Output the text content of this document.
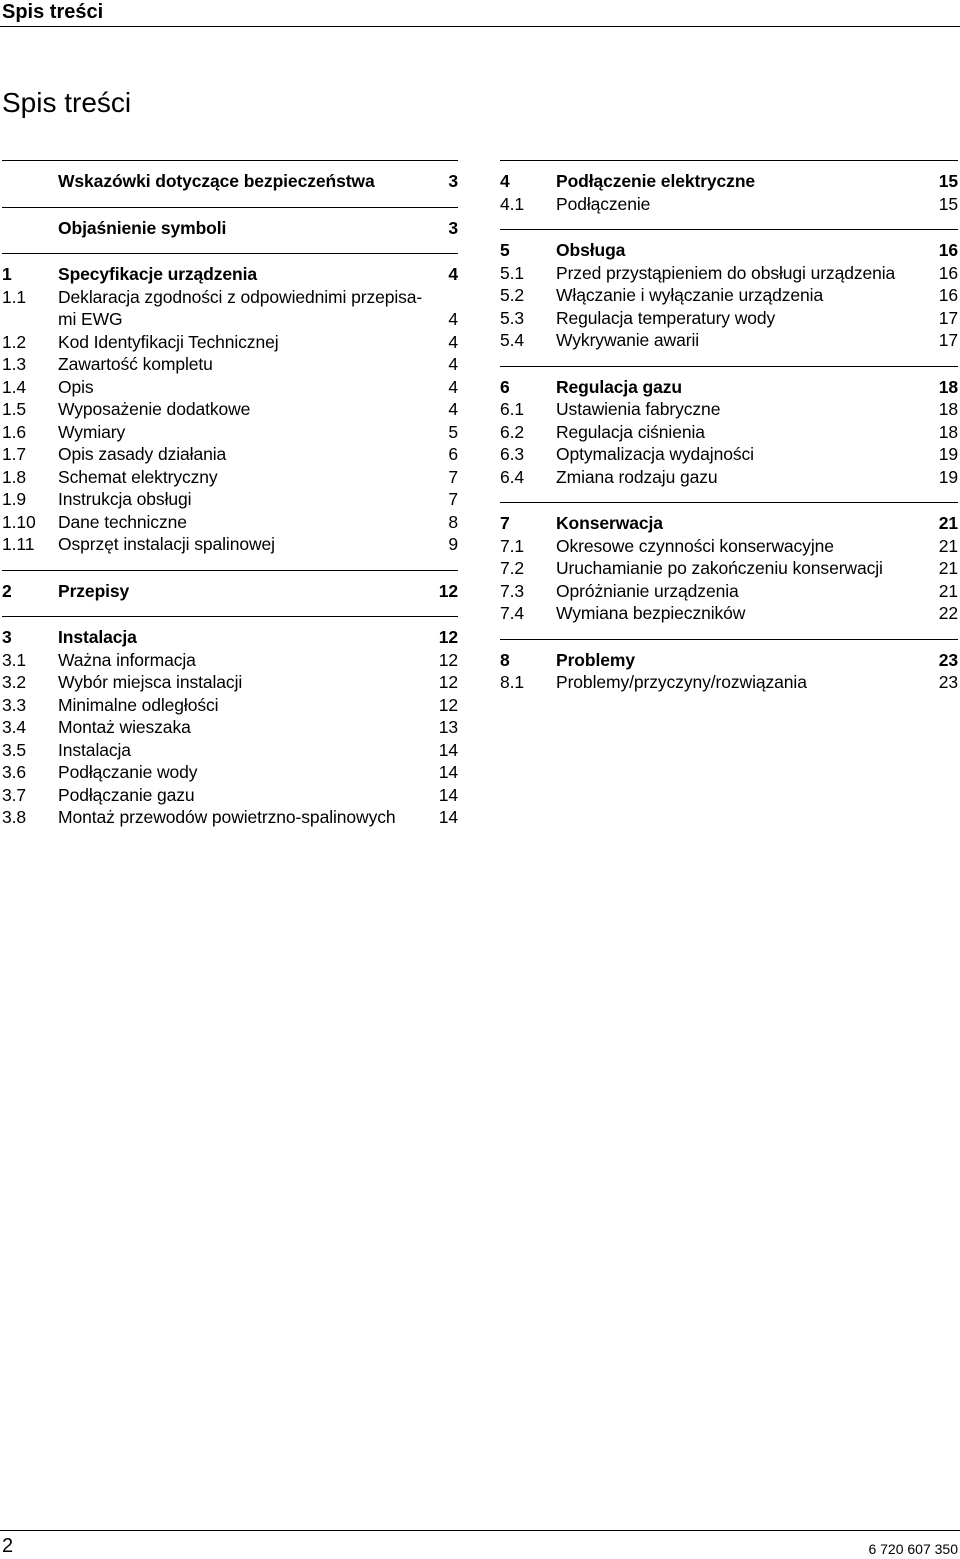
Spis treści
Spis treści
Wskazówki dotyczące bezpieczeństwa	3
Objaśnienie symboli	3
1	Specyfikacje urządzenia	4
1.1	Deklaracja zgodności z odpowiednimi przepisa-
mi EWG	4
1.2	Kod Identyfikacji Technicznej	4
1.3	Zawartość kompletu	4
1.4	Opis	4
1.5	Wyposażenie dodatkowe	4
1.6	Wymiary	5
1.7	Opis zasady działania	6
1.8	Schemat elektryczny	7
1.9	Instrukcja obsługi	7
1.10	Dane techniczne	8
1.11	Osprzęt instalacji spalinowej	9
2	Przepisy	12
3	Instalacja	12
3.1	Ważna informacja	12
3.2	Wybór miejsca instalacji	12
3.3	Minimalne odległości	12
3.4	Montaż wieszaka	13
3.5	Instalacja	14
3.6	Podłączanie wody	14
3.7	Podłączanie gazu	14
3.8	Montaż przewodów powietrzno-spalinowych	14
4	Podłączenie elektryczne	15
4.1	Podłączenie	15
5	Obsługa	16
5.1	Przed przystąpieniem do obsługi urządzenia	16
5.2	Włączanie i wyłączanie urządzenia	16
5.3	Regulacja temperatury wody	17
5.4	Wykrywanie awarii	17
6	Regulacja gazu	18
6.1	Ustawienia fabryczne	18
6.2	Regulacja ciśnienia	18
6.3	Optymalizacja wydajności	19
6.4	Zmiana rodzaju gazu	19
7	Konserwacja	21
7.1	Okresowe czynności konserwacyjne	21
7.2	Uruchamianie po zakończeniu konserwacji	21
7.3	Opróżnianie urządzenia	21
7.4	Wymiana bezpieczników	22
8	Problemy	23
8.1	Problemy/przyczyny/rozwiązania	23
2	6 720 607 350
